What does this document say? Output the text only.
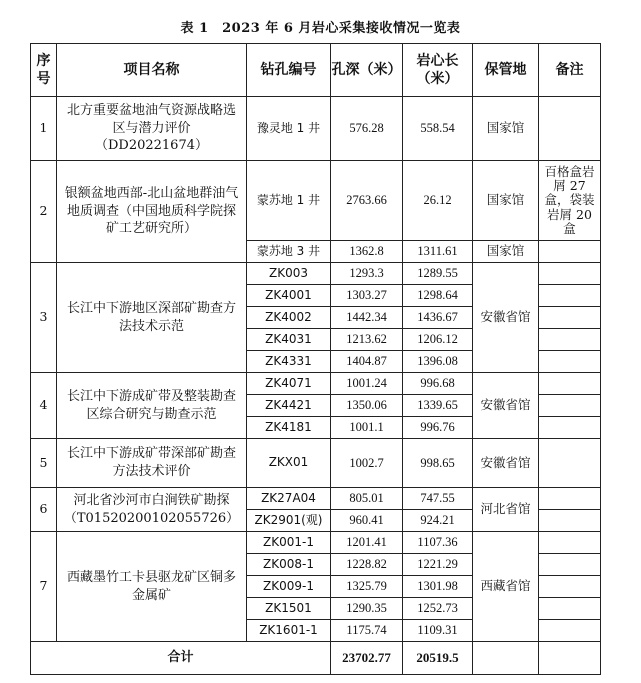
表 1　2023 年 6 月岩心采集接收情况一览表
序号	项目名称	钻孔编号	孔深（米）	岩心长（米）	保管地	备注
1	北方重要盆地油气资源战略选区与潜力评价（DD20221674）	豫灵地 1 井	576.28	558.54	国家馆	
2	银额盆地西部-北山盆地群油气地质调查（中国地质科学院探矿工艺研究所）	蒙苏地 1 井	2763.66	26.12	国家馆	百格盒岩屑 27 盒，袋装岩屑 20 盒
		蒙苏地 3 井	1362.8	1311.61	国家馆	
3	长江中下游地区深部矿勘查方法技术示范	ZK003	1293.3	1289.55	安徽省馆	
		ZK4001	1303.27	1298.64		
		ZK4002	1442.34	1436.67		
		ZK4031	1213.62	1206.12		
		ZK4331	1404.87	1396.08		
4	长江中下游成矿带及整装勘查区综合研究与勘查示范	ZK4071	1001.24	996.68	安徽省馆	
		ZK4421	1350.06	1339.65		
		ZK4181	1001.1	996.76		
5	长江中下游成矿带深部矿勘查方法技术评价	ZKX01	1002.7	998.65	安徽省馆	
6	河北省沙河市白涧铁矿勘探（T01520200102055726）	ZK27A04	805.01	747.55	河北省馆	
		ZK2901(观)	960.41	924.21		
7	西藏墨竹工卡县驱龙矿区铜多金属矿	ZK001-1	1201.41	1107.36	西藏省馆	
		ZK008-1	1228.82	1221.29		
		ZK009-1	1325.79	1301.98		
		ZK1501	1290.35	1252.73		
		ZK1601-1	1175.74	1109.31		
合计			23702.77	20519.5		
